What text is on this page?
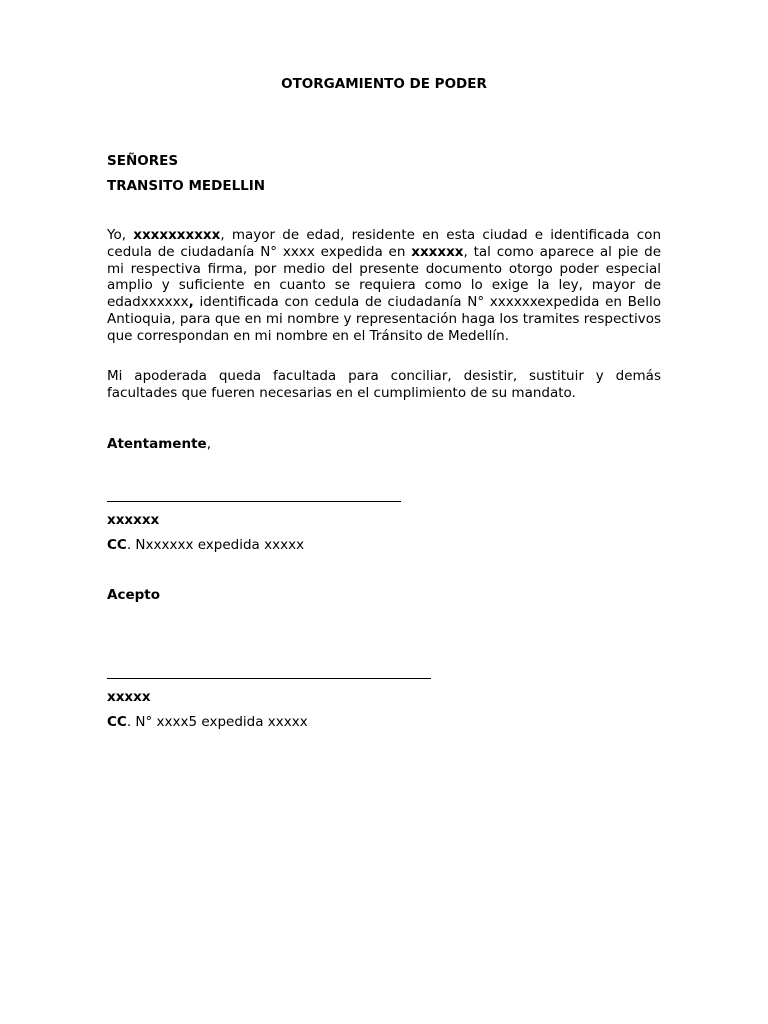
OTORGAMIENTO DE PODER

SEÑORES

TRANSITO MEDELLIN

Yo, xxxxxxxxxx, mayor de edad, residente en esta ciudad e identificada con cedula de ciudadanía N° xxxx expedida en xxxxxx, tal como aparece al pie de mi respectiva firma, por medio del presente documento otorgo poder especial amplio y suficiente en cuanto se requiera como lo exige la ley, mayor de edadxxxxxx, identificada con cedula de ciudadanía N° xxxxxxexpedida en Bello Antioquia, para que en mi nombre y representación haga los tramites respectivos que correspondan en mi nombre en el Tránsito de Medellín.

Mi apoderada queda facultada para conciliar, desistir, sustituir y demás facultades que fueren necesarias en el cumplimiento de su mandato.

Atentamente,

xxxxxx

CC. Nxxxxxx expedida xxxxx

Acepto

xxxxx

CC. N° xxxx5 expedida xxxxx
